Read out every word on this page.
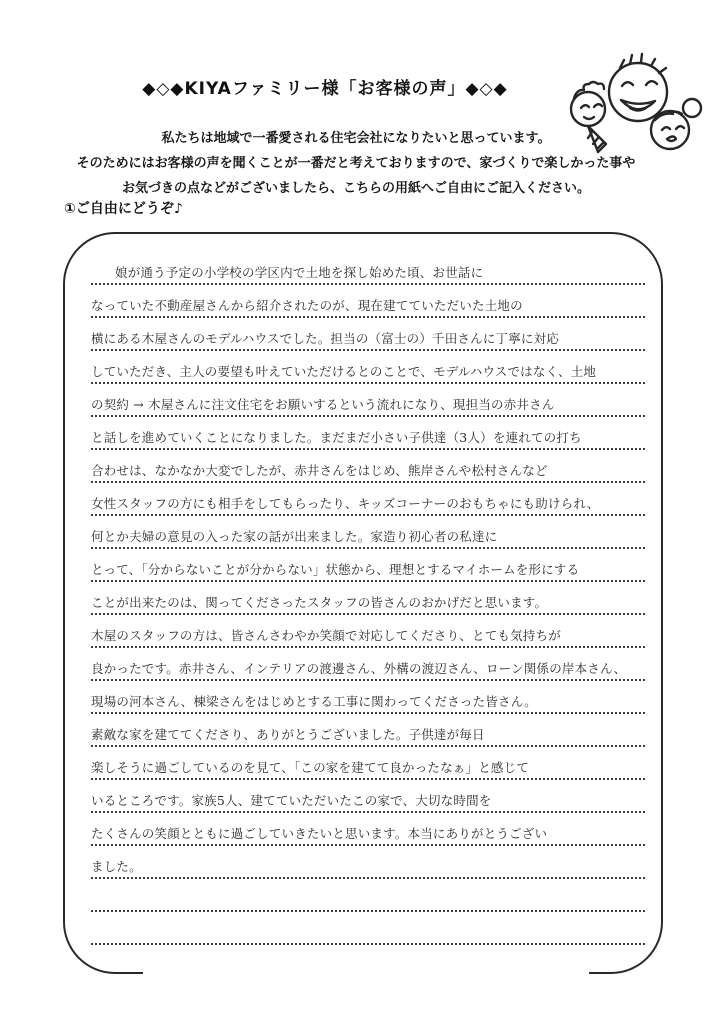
◆◇◆KIYAファミリー様「お客様の声」◆◇◆
私たちは地域で一番愛される住宅会社になりたいと思っています。
そのためにはお客様の声を聞くことが一番だと考えておりますので、家づくりで楽しかった事や
お気づきの点などがございましたら、こちらの用紙へご自由にご記入ください。
①ご自由にどうぞ♪
娘が通う予定の小学校の学区内で土地を探し始めた頃、お世話に
なっていた不動産屋さんから紹介されたのが、現在建てていただいた土地の
横にある木屋さんのモデルハウスでした。担当の（富士の）千田さんに丁寧に対応
していただき、主人の要望も叶えていただけるとのことで、モデルハウスではなく、土地
の契約 → 木屋さんに注文住宅をお願いするという流れになり、現担当の赤井さん
と話しを進めていくことになりました。まだまだ小さい子供達（3人）を連れての打ち
合わせは、なかなか大変でしたが、赤井さんをはじめ、熊岸さんや松村さんなど
女性スタッフの方にも相手をしてもらったり、キッズコーナーのおもちゃにも助けられ、
何とか夫婦の意見の入った家の話が出来ました。家造り初心者の私達に
とって、「分からないことが分からない」状態から、理想とするマイホームを形にする
ことが出来たのは、関ってくださったスタッフの皆さんのおかげだと思います。
木屋のスタッフの方は、皆さんさわやか笑顔で対応してくださり、とても気持ちが
良かったです。赤井さん、インテリアの渡邊さん、外構の渡辺さん、ローン関係の岸本さん、
現場の河本さん、棟梁さんをはじめとする工事に関わってくださった皆さん。
素敵な家を建ててくださり、ありがとうございました。子供達が毎日
楽しそうに過ごしているのを見て、「この家を建てて良かったなぁ」と感じて
いるところです。家族5人、建てていただいたこの家で、大切な時間を
たくさんの笑顔とともに過ごしていきたいと思います。本当にありがとうござい
ました。
